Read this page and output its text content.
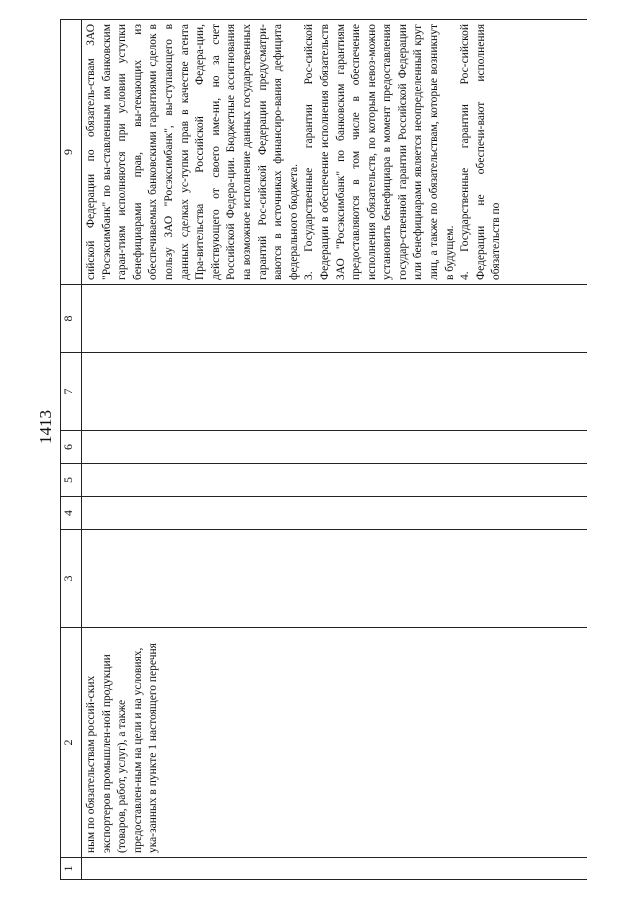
1413
1	2	3	4	5	6	7	8	9

	ным по обязательствам россий-ских экспортеров промышлен-ной продукции (товаров, работ, услуг), а также предоставлен-ным на цели и на условиях, ука-занных в пункте 1 настоящего перечня							сийской Федерации по обязатель-ствам ЗАО "Росэксимбанк" по вы-ставленным им банковским гаран-тиям исполняются при условии уступки бенефициарами прав, вы-текающих из обеспечиваемых банковскими гарантиями сделок в пользу ЗАО "Росэксимбанк", вы-ступающего в данных сделках ус-тупки прав в качестве агента Пра-вительства Российской Федера-ции, действующего от своего име-ни, но за счет Российской Федера-ции. Бюджетные ассигнования на возможное исполнение данных государственных гарантий Рос-сийской Федерации предусматри-ваются в источниках финансиро-вания дефицита федерального бюджета. 3. Государственные гарантии Рос-сийской Федерации в обеспечение исполнения обязательств ЗАО "Росэксимбанк" по банковским гарантиям предоставляются в том числе в обеспечение исполнения обязательств, по которым невоз-можно установить бенефициара в момент предоставления государ-ственной гарантии Российской Федерации или бенефициарами является неопределенный круг лиц, а также по обязательствам, которые возникнут в будущем. 4. Государственные гарантии Рос-сийской Федерации не обеспечи-вают исполнения обязательств по
